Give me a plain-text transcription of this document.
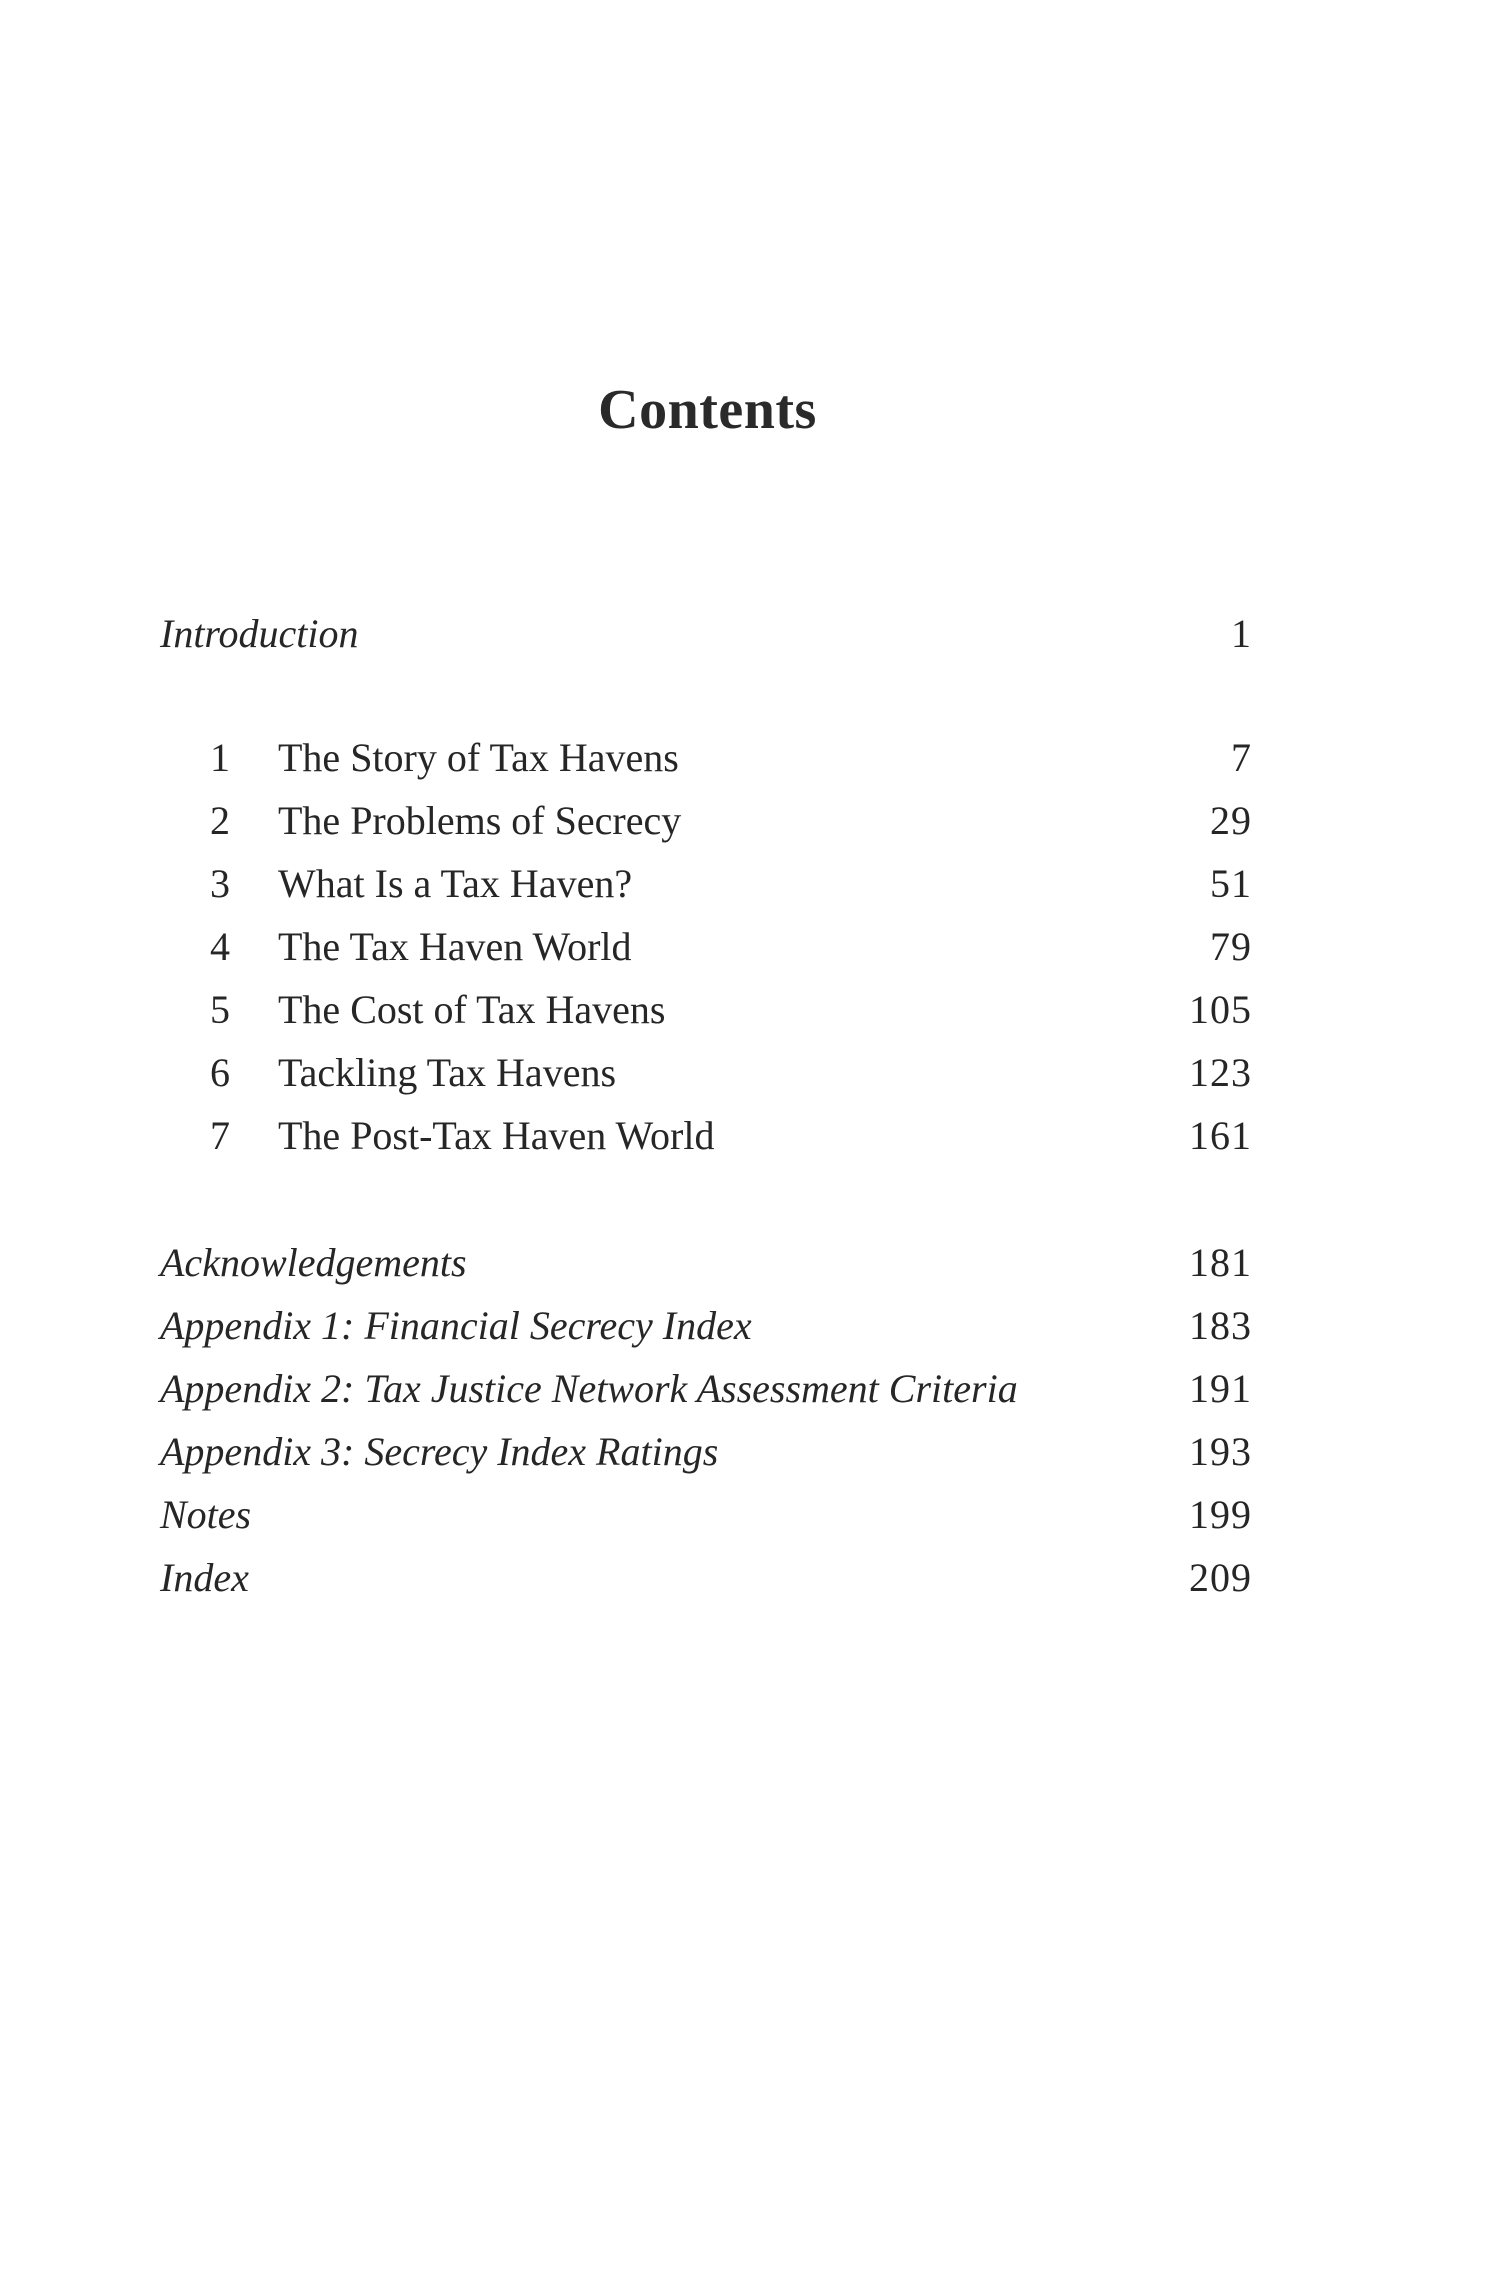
Contents
Introduction	1
1 The Story of Tax Havens	7
2 The Problems of Secrecy	29
3 What Is a Tax Haven?	51
4 The Tax Haven World	79
5 The Cost of Tax Havens	105
6 Tackling Tax Havens	123
7 The Post-Tax Haven World	161
Acknowledgements	181
Appendix 1: Financial Secrecy Index	183
Appendix 2: Tax Justice Network Assessment Criteria	191
Appendix 3: Secrecy Index Ratings	193
Notes	199
Index	209
